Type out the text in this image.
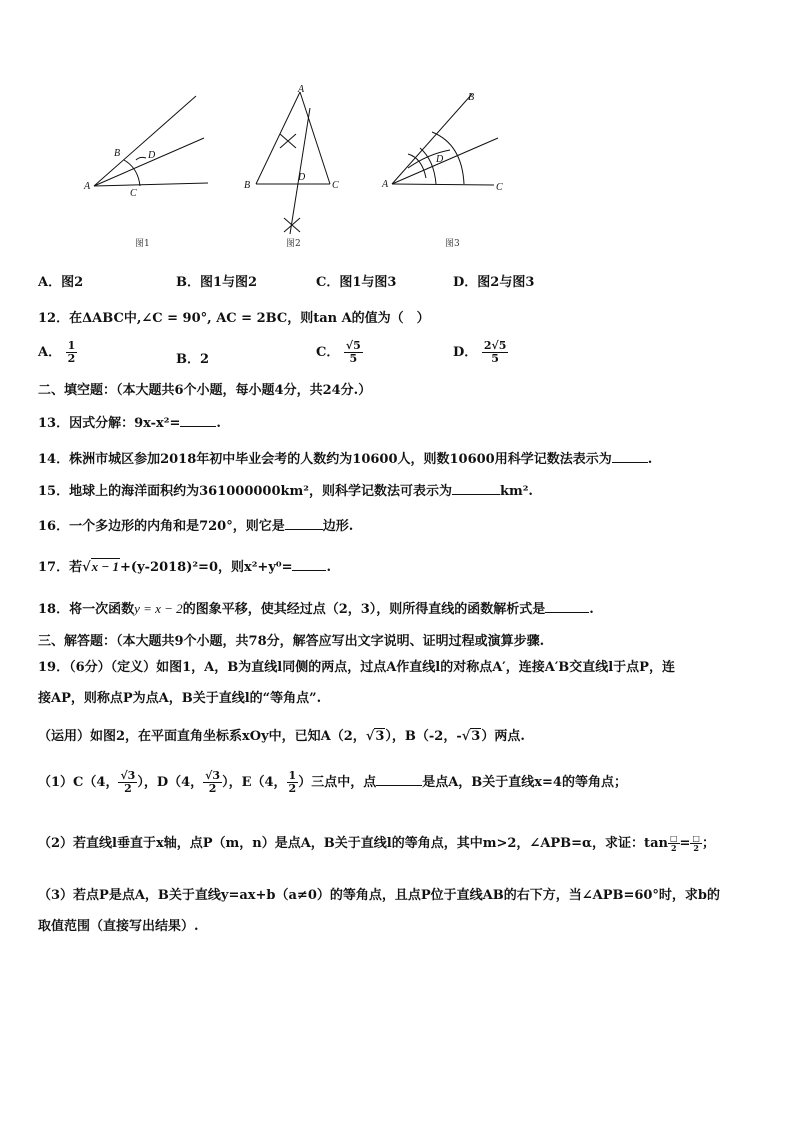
A
B
C
D
图1
A
B	C
D
图2
A
B
C
D
图3
A．图2	B．图1与图2	C．图1与图3	D．图2与图3
12．在ΔABC中,∠C = 90°, AC = 2BC，则tan A的值为（　）
A． $\frac{1}{2}$	B．2	C． $\frac{√5}{5}$	D． $\frac{2√5}{5}$
二、填空题：（本大题共6个小题，每小题4分，共24分.）
13．因式分解：9x-x²=	.
14．株洲市城区参加2018年初中毕业会考的人数约为10600人，则数10600用科学记数法表示为	.
15．地球上的海洋面积约为361000000km²，则科学记数法可表示为	km².
16．一个多边形的内角和是720°，则它是	边形.
17．若√x − 1+(y-2018)²=0，则x²+y⁰=	.
18．将一次函数y = x − 2的图象平移，使其经过点（2，3），则所得直线的函数解析式是	.
三、解答题：（本大题共9个小题，共78分，解答应写出文字说明、证明过程或演算步骤.
19．（6分）（定义）如图1，A，B为直线l同侧的两点，过点A作直线l的对称点A′，连接A′B交直线l于点P，连
接AP，则称点P为点A，B关于直线l的“等角点”.
（运用）如图2，在平面直角坐标系xOy中，已知A（2，√3），B（-2，-√3）两点.
（1）C（4， $\frac{√3}{2}$ ），D（4， $\frac{√3}{2}$ ），E（4， $\frac{1}{2}$ ）三点中，点	是点A，B关于直线x=4的等角点；
（2）若直线l垂直于x轴，点P（m，n）是点A，B关于直线l的等角点，其中m>2，∠APB=α，求证：$\tan \frac{□}{2} = \frac{□}{2}$ ；
（3）若点P是点A，B关于直线y=ax+b（a≠0）的等角点，且点P位于直线AB的右下方，当∠APB=60°时，求b的
取值范围（直接写出结果）.
